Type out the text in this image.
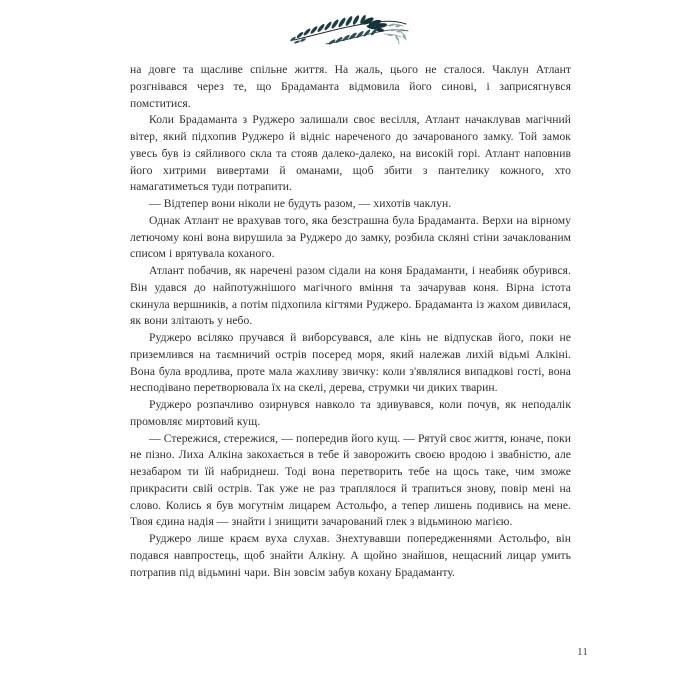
на довге та щасливе спільне життя. На жаль, цього не сталося. Чаклун Атлант розгнівався через те, що Брадаманта відмовила його синові, і заприсягнувся помститися.

Коли Брадаманта з Руджеро залишали своє весілля, Атлант начаклував магічний вітер, який підхопив Руджеро й відніс нареченого до зачарованого замку. Той замок увесь був із сяйливого скла та стояв далеко-далеко, на високій горі. Атлант наповнив його хитрими вивертами й оманами, щоб збити з пантелику кожного, хто намагатиметься туди потрапити.

— Відтепер вони ніколи не будуть разом, — хихотів чаклун.

Однак Атлант не врахував того, яка безстрашна була Брадаманта. Верхи на вірному летючому коні вона вирушила за Руджеро до замку, розбила скляні стіни зачаклованим списом і врятувала коханого.

Атлант побачив, як наречені разом сідали на коня Брадаманти, і неабияк обурився. Він удався до найпотужнішого магічного вміння та зачарував коня. Вірна істота скинула вершників, а потім підхопила кігтями Руджеро. Брадаманта із жахом дивилася, як вони злітають у небо.

Руджеро всіляко пручався й виборсувався, але кінь не відпускав його, поки не приземлився на таємничий острів посеред моря, який належав лихій відьмі Алкіні. Вона була вродлива, проте мала жахливу звичку: коли з'являлися випадкові гості, вона несподівано перетворювала їх на скелі, дерева, струмки чи диких тварин.

Руджеро розпачливо озирнувся навколо та здивувався, коли почув, як неподалік промовляє миртовий кущ.

— Стережися, стережися, — попередив його кущ. — Рятуй своє життя, юначе, поки не пізно. Лиха Алкіна закохається в тебе й заворожить своєю вродою і звабністю, але незабаром ти їй набриднеш. Тоді вона перетворить тебе на щось таке, чим зможе прикрасити свій острів. Так уже не раз траплялося й трапиться знову, повір мені на слово. Колись я був могутнім лицарем Астольфо, а тепер лишень подивись на мене. Твоя єдина надія — знайти і знищити зачарований глек з відьминою магією.

Руджеро лише краєм вуха слухав. Знехтувавши попередженнями Астольфо, він подався навпростець, щоб знайти Алкіну. А щойно знайшов, нещасний лицар умить потрапив під відьмині чари. Він зовсім забув кохану Брадаманту.

11
